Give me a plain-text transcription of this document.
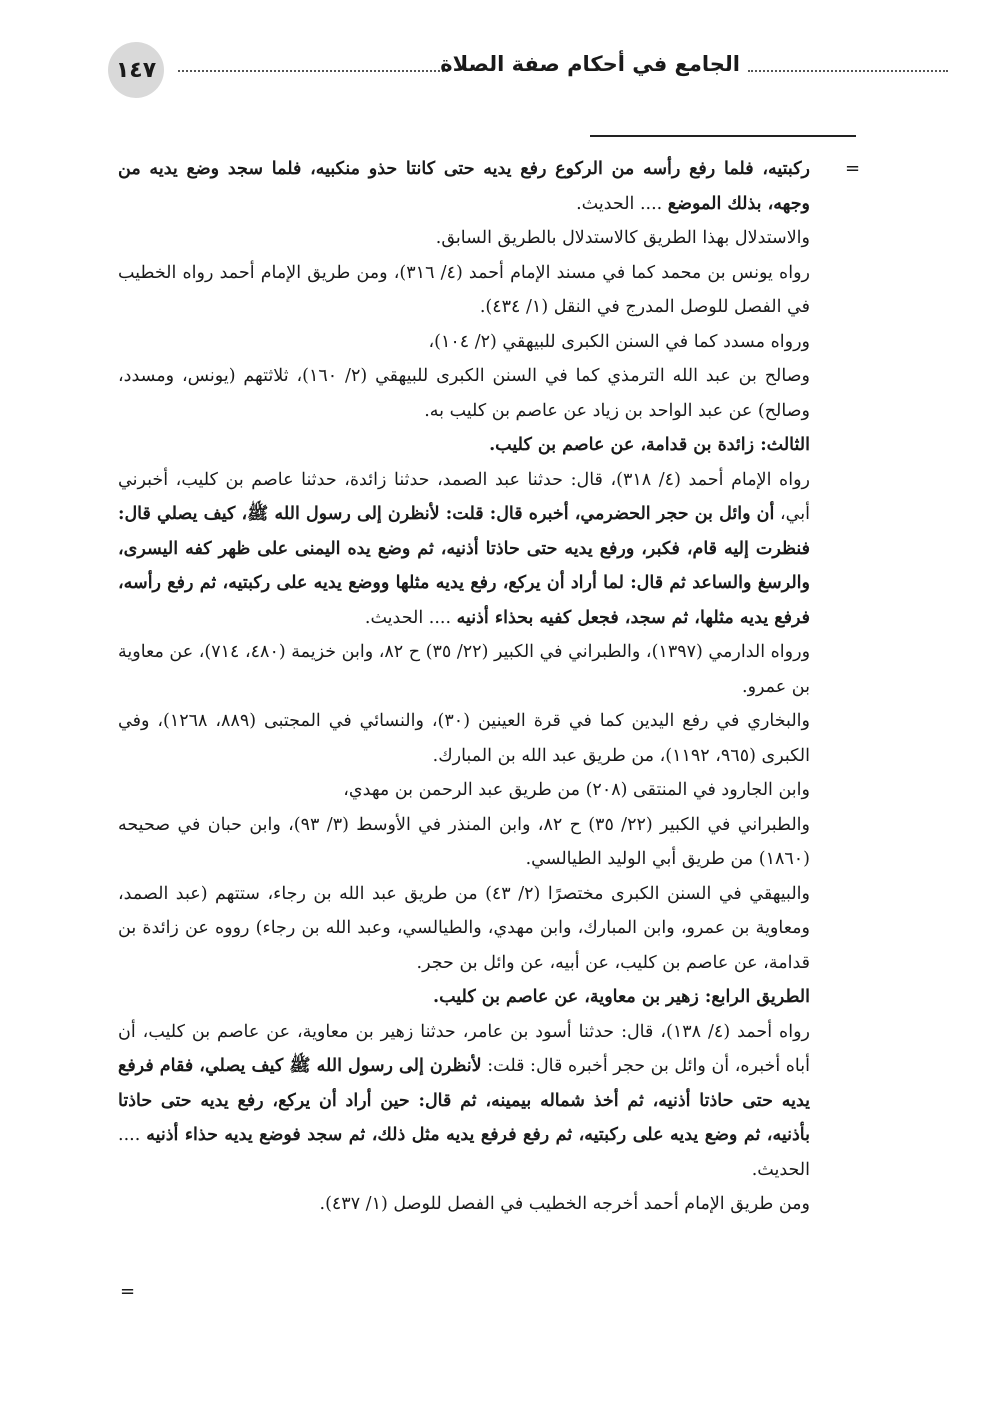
١٤٧	الجامع في أحكام صفة الصلاة
=
=

ركبتيه، فلما رفع رأسه من الركوع رفع يديه حتى كانتا حذو منكبيه، فلما سجد وضع يديه من وجهه، بذلك الموضع .... الحديث.

والاستدلال بهذا الطريق كالاستدلال بالطريق السابق.

رواه يونس بن محمد كما في مسند الإمام أحمد (٤/ ٣١٦)، ومن طريق الإمام أحمد رواه الخطيب في الفصل للوصل المدرج في النقل (١/ ٤٣٤).

ورواه مسدد كما في السنن الكبرى للبيهقي (٢/ ١٠٤)،

وصالح بن عبد الله الترمذي كما في السنن الكبرى للبيهقي (٢/ ١٦٠)، ثلاثتهم (يونس، ومسدد، وصالح) عن عبد الواحد بن زياد عن عاصم بن كليب به.

الثالث: زائدة بن قدامة، عن عاصم بن كليب.

رواه الإمام أحمد (٤/ ٣١٨)، قال: حدثنا عبد الصمد، حدثنا زائدة، حدثنا عاصم بن كليب، أخبرني أبي، أن وائل بن حجر الحضرمي، أخبره قال: قلت: لأنظرن إلى رسول الله ﷺ، كيف يصلي قال: فنظرت إليه قام، فكبر، ورفع يديه حتى حاذتا أذنيه، ثم وضع يده اليمنى على ظهر كفه اليسرى، والرسغ والساعد ثم قال: لما أراد أن يركع، رفع يديه مثلها ووضع يديه على ركبتيه، ثم رفع رأسه، فرفع يديه مثلها، ثم سجد، فجعل كفيه بحذاء أذنيه .... الحديث.

ورواه الدارمي (١٣٩٧)، والطبراني في الكبير (٢٢/ ٣٥) ح ٨٢، وابن خزيمة (٤٨٠، ٧١٤)، عن معاوية بن عمرو.

والبخاري في رفع اليدين كما في قرة العينين (٣٠)، والنسائي في المجتبى (٨٨٩، ١٢٦٨)، وفي الكبرى (٩٦٥، ١١٩٢)، من طريق عبد الله بن المبارك.

وابن الجارود في المنتقى (٢٠٨) من طريق عبد الرحمن بن مهدي،

والطبراني في الكبير (٢٢/ ٣٥) ح ٨٢، وابن المنذر في الأوسط (٣/ ٩٣)، وابن حبان في صحيحه (١٨٦٠) من طريق أبي الوليد الطيالسي.

والبيهقي في السنن الكبرى مختصرًا (٢/ ٤٣) من طريق عبد الله بن رجاء، ستتهم (عبد الصمد، ومعاوية بن عمرو، وابن المبارك، وابن مهدي، والطيالسي، وعبد الله بن رجاء) رووه عن زائدة بن قدامة، عن عاصم بن كليب، عن أبيه، عن وائل بن حجر.

الطريق الرابع: زهير بن معاوية، عن عاصم بن كليب.

رواه أحمد (٤/ ١٣٨)، قال: حدثنا أسود بن عامر، حدثنا زهير بن معاوية، عن عاصم بن كليب، أن أباه أخبره، أن وائل بن حجر أخبره قال: قلت: لأنظرن إلى رسول الله ﷺ كيف يصلي، فقام فرفع يديه حتى حاذتا أذنيه، ثم أخذ شماله بيمينه، ثم قال: حين أراد أن يركع، رفع يديه حتى حاذتا بأذنيه، ثم وضع يديه على ركبتيه، ثم رفع فرفع يديه مثل ذلك، ثم سجد فوضع يديه حذاء أذنيه .... الحديث.

ومن طريق الإمام أحمد أخرجه الخطيب في الفصل للوصل (١/ ٤٣٧).
